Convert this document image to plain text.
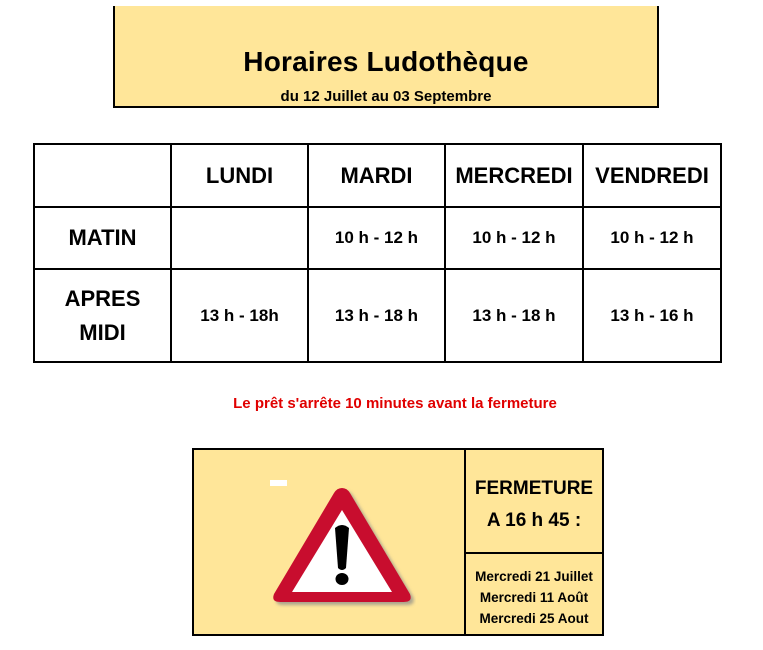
Horaires Ludothèque
du 12 Juillet au 03 Septembre
	LUNDI	MARDI	MERCREDI	VENDREDI
MATIN		10 h - 12 h	10 h - 12 h	10 h - 12 h

APRES
MIDI	13 h - 18h	13 h - 18 h	13 h - 18 h	13 h - 16 h
Le prêt s'arrête 10 minutes avant la fermeture
FERMETURE
A 16 h 45 :
Mercredi 21 Juillet
Mercredi 11 Août
Mercredi 25 Aout
